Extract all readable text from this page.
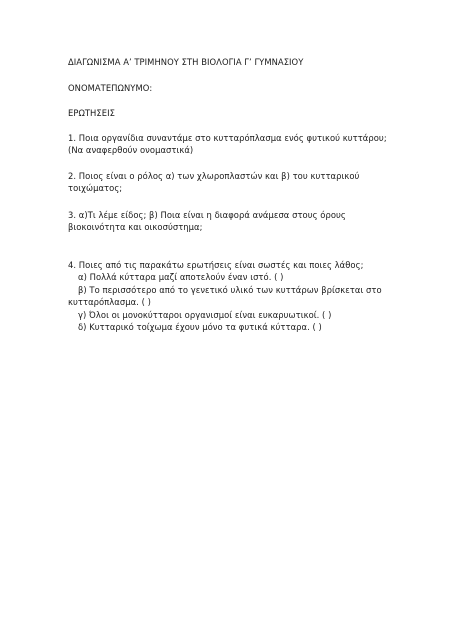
ΔΙΑΓΩΝΙΣΜΑ Α’ ΤΡΙΜΗΝΟΥ ΣΤΗ ΒΙΟΛΟΓΙΑ Γ’ ΓΥΜΝΑΣΙΟΥ
ΟΝΟΜΑΤΕΠΩΝΥΜΟ:
ΕΡΩΤΗΣΕΙΣ
1. Ποια οργανίδια συναντάμε στο κυτταρόπλασμα ενός φυτικού κυττάρου;
(Να αναφερθούν ονομαστικά)
2. Ποιος είναι ο ρόλος α) των χλωροπλαστών και β) του κυτταρικού
τοιχώματος;
3. α)Τι λέμε είδος; β) Ποια είναι η διαφορά ανάμεσα στους όρους
βιοκοινότητα και οικοσύστημα;
4. Ποιες από τις παρακάτω ερωτήσεις είναι σωστές και ποιες λάθος;
α) Πολλά κύτταρα μαζί αποτελούν έναν ιστό. ( )
β) Το περισσότερο από το γενετικό υλικό των κυττάρων βρίσκεται στο
κυτταρόπλασμα. ( )
γ) Όλοι οι μονοκύτταροι οργανισμοί είναι ευκαρυωτικοί. ( )
δ) Κυτταρικό τοίχωμα έχουν μόνο τα φυτικά κύτταρα. ( )
